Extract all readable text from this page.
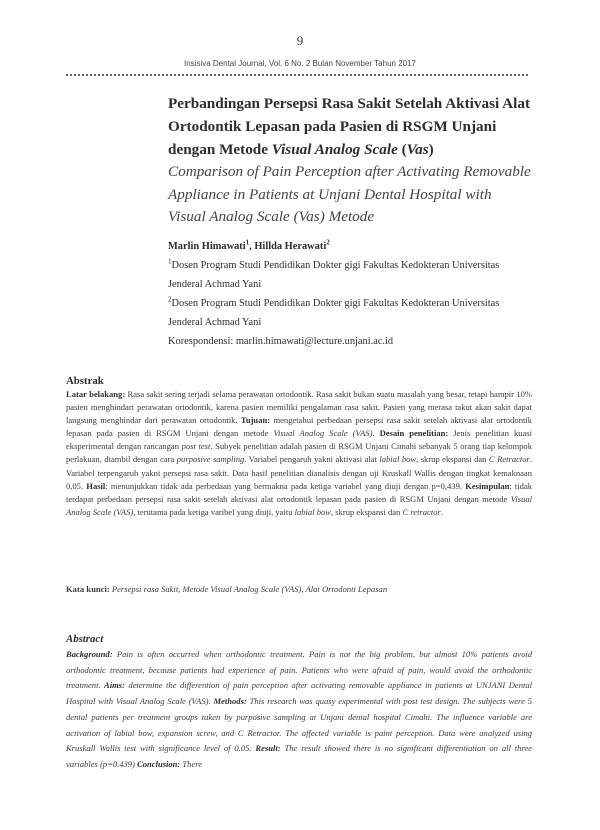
9
Insisiva Dental Journal, Vol. 6 No. 2 Bulan November Tahun 2017

Perbandingan Persepsi Rasa Sakit Setelah Aktivasi Alat Ortodontik Lepasan pada Pasien di RSGM Unjani dengan Metode Visual Analog Scale (Vas)

Comparison of Pain Perception after Activating Removable Appliance in Patients at Unjani Dental Hospital with Visual Analog Scale (Vas) Metode

Marlin Himawati$^1$, Hillda Herawati$^2$
$^1$Dosen Program Studi Pendidikan Dokter gigi Fakultas Kedokteran Universitas Jenderal Achmad Yani
$^2$Dosen Program Studi Pendidikan Dokter gigi Fakultas Kedokteran Universitas Jenderal Achmad Yani
Korespondensi: marlin.himawati@lecture.unjani.ac.id

Abstrak

Latar belakang: Rasa sakit sering terjadi selama perawatan ortodontik. Rasa sakit bukan suatu masalah yang besar, tetapi hampir 10% pasien menghindari perawatan ortodontik, karena pasien memiliki pengalaman rasa sakit. Pasien yang merasa takut akan sakit dapat langsung menghindar dari perawatan ortodontik. Tujuan: mengetahui perbedaan persepsi rasa sakit setelah aktivasi alat ortodontik lepasan pada pasien di RSGM Unjani dengan metode Visual Analog Scale (VAS). Desain penelitian: Jenis penelitian kuasi eksperimental dengan rancangan post test. Subyek penelitian adalah pasien di RSGM Unjani Cimahi sebanyak 5 orang tiap kelompok perlakuan, diambil dengan cara purposive sampling. Variabel pengaruh yakni aktivasi alat labial bow, skrup ekspansi dan C Retractor. Variabel terpengaruh yakni persepsi rasa sakit. Data hasil penelitian dianalisis dengan uji Kruskall Wallis dengan tingkat kemaknaan 0,05. Hasil: menunjukkan tidak ada perbedaan yang bermakna pada ketiga variabel yang diuji dengan p=0,439. Kesimpulan: tidak terdapat perbedaan persepsi rasa sakit setelah aktivasi alat ortodontik lepasan pada pasien di RSGM Unjani dengan metode Visual Analog Scale (VAS), terutama pada ketiga varibel yang diuji, yaitu labial bow, skrup ekspansi dan C retractor.

Kata kunci: Persepsi rasa Sakit, Metode Visual Analog Scale (VAS), Alat Ortodonti Lepasan

Abstract

Background: Pain is often occurred when orthodontic treatment. Pain is not the big problem, but almost 10% patients avoid orthodontic treatment, because patients had experience of pain. Patients who were afraid of pain, would avoid the orthodontic treatment. Aims: determine the differention of pain perception after activating removable appliance in patients at UNJANI Dental Hospital with Visual Analog Scale (VAS). Methods: This research was quasy experimental with post test design. The subjects were 5 dental patients per treatment groups taken by purposive sampling at Unjani dental hospital Cimahi. The influence variable are activation of labial bow, expansion screw, and C Retractor. The affected variable is paint perception. Data were analyzed using Kruskall Wallis test with significance level of 0.05. Result: The result showed there is no significant differentiation on all three variables (p=0.439) Conclusion: There
